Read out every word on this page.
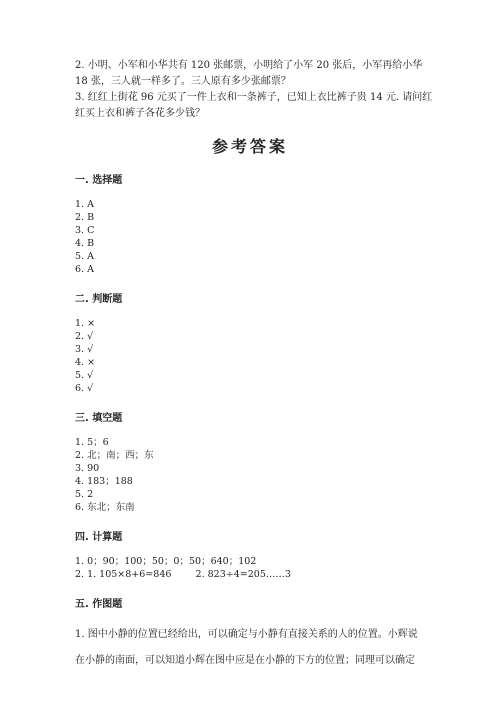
2. 小明、小军和小华共有 120 张邮票，小明给了小军 20 张后，小军再给小华
18 张，三人就一样多了。三人原有多少张邮票？
3. 红红上街花 96 元买了一件上衣和一条裤子，已知上衣比裤子贵 14 元. 请问红
红买上衣和裤子各花多少钱？
参考答案
一. 选择题
1. A
2. B
3. C
4. B
5. A
6. A
二. 判断题
1. ×
2. √
3. √
4. ×
5. √
6. √
三. 填空题
1. 5；6
2. 北；南；西；东
3. 90
4. 183；188
5. 2
6. 东北；东南
四. 计算题
1. 0；90；100；50；0；50；640；102
2. 1. 105×8+6=846        2. 823÷4=205……3
五. 作图题
1. 图中小静的位置已经给出，可以确定与小静有直接关系的人的位置。小辉说
在小静的南面，可以知道小辉在图中应是在小静的下方的位置；同理可以确定
